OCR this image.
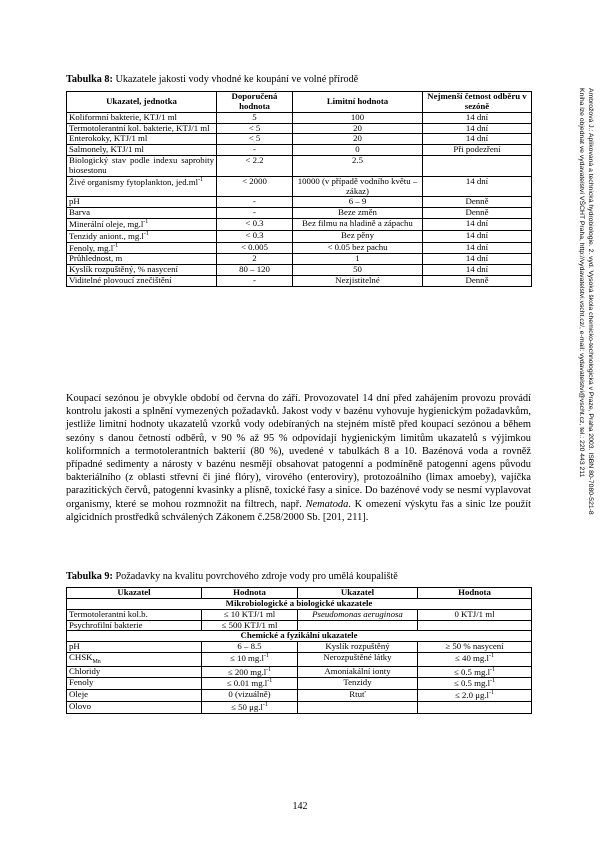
Tabulka 8: Ukazatele jakosti vody vhodné ke koupání ve volné přírodě
Ukazatel, jednotka	Doporučená hodnota	Limitní hodnota	Nejmenší četnost odběru v sezóně
Koliformní bakterie, KTJ/1 ml	5	100	14 dní
Termotolerantní kol. bakterie, KTJ/1 ml	< 5	20	14 dní
Enterokoky, KTJ/1 ml	< 5	20	14 dní
Salmonely, KTJ/1 ml	-	0	Při podezření
Biologický stav podle indexu saprobity biosestonu	< 2.2	2.5	
Živé organismy fytoplankton, $jed.ml^{-1}$	< 2000	10000 (v případě vodního květu – zákaz)	14 dní
pH	-	6 – 9	Denně
Barva	-	Beze změn	Denně
Minerální oleje, $mg.l^{-1}$	< 0.3	Bez filmu na hladině a zápachu	14 dní
Tenzidy aniont., $mg.l^{-1}$	< 0.3	Bez pěny	14 dní
Fenoly, $mg.l^{-1}$	< 0.005	< 0.05 bez pachu	14 dní
Průhlednost, m	2	1	14 dní
Kyslík rozpuštěný, % nasycení	80 – 120	50	14 dní
Viditelné plovoucí znečištění	-	Nezjistitelné	Denně
Koupací sezónou je obvykle období od června do září. Provozovatel 14 dní před zahájením provozu provádí kontrolu jakosti a splnění vymezených požadavků. Jakost vody v bazénu vyhovuje hygienickým požadavkům, jestliže limitní hodnoty ukazatelů vzorků vody odebíraných na stejném místě před koupací sezónou a během sezóny s danou četností odběrů, v 90 % až 95 % odpovídají hygienickým limitům ukazatelů s výjimkou koliformních a termotolerantních bakterií (80 %), uvedené v tabulkách 8 a 10. Bazénová voda a rovněž případné sedimenty a nárosty v bazénu nesmějí obsahovat patogenní a podmíněně patogenní agens původu bakteriálního (z oblasti střevní či jiné flóry), virového (enteroviry), protozoálního (limax amoeby), vajíčka parazitických červů, patogenní kvasinky a plísně, toxické řasy a sinice. Do bazénové vody se nesmí vyplavovat organismy, které se mohou rozmnožit na filtrech, např. Nematoda. K omezení výskytu řas a sinic lze použít algicidních prostředků schválených Zákonem č.258/2000 Sb. [201, 211].
Tabulka 9: Požadavky na kvalitu povrchového zdroje vody pro umělá koupaliště
Ukazatel	Hodnota	Ukazatel	Hodnota
Mikrobiologické a biologické ukazatele			
Termotolerantní kol.b.	≤ 10 KTJ/1 ml	Pseudomonas aeruginosa	0 KTJ/1 ml
Psychrofilní bakterie	≤ 500 KTJ/1 ml		
Chemické a fyzikální ukazatele			
pH	6 – 8.5	Kyslík rozpuštěný	≥ 50 % nasycení
$CHSK_{Mn}$	≤ 10 $mg.l^{-1}$	Nerozpuštěné látky	≤ 40 $mg.l^{-1}$
Chloridy	≤ 200 $mg.l^{-1}$	Amoniakální ionty	≤ 0.5 $mg.l^{-1}$
Fenoly	≤ 0.01 $mg.l^{-1}$	Tenzidy	≤ 0.5 $mg.l^{-1}$
Oleje	0 (vizuálně)	Rtuť	≤ 2.0 $\mu g.l^{-1}$
Olovo	≤ 50 $\mu g.l^{-1}$		
Ambrožová J.: Aplikovaná a technická hydrobiologie. 2. vyd. Vysoká škola chemicko-technologická v Praze, Praha 2003. ISBN 80-7080-521-8
Kniha lze objednat ve vydavatelství VŠCHT Praha, http://vydavatelstvi.vscht.cz/, e-mail: vydavatelstvi@vscht.cz, tel.: 220 443 211
142
